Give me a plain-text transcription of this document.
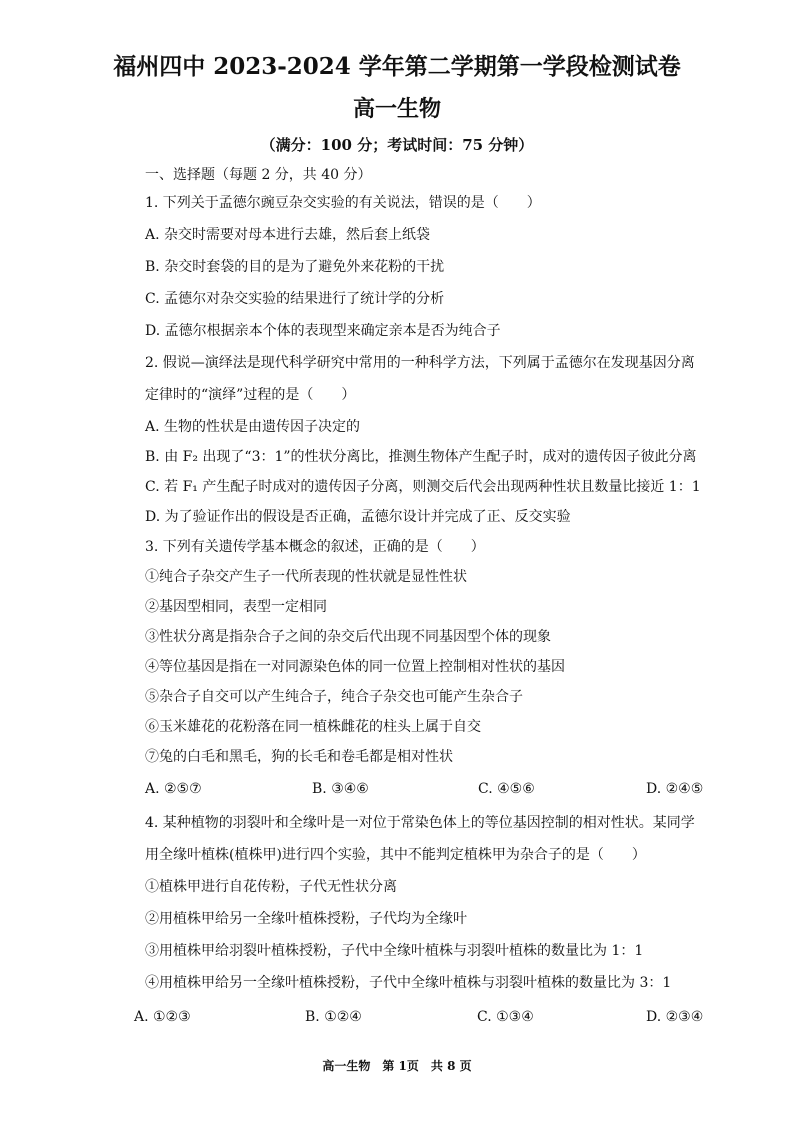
福州四中 2023-2024 学年第二学期第一学段检测试卷
高一生物
（满分：100 分；考试时间：75 分钟）
一、选择题（每题 2 分，共 40 分）
1. 下列关于孟德尔豌豆杂交实验的有关说法，错误的是（　　）
A. 杂交时需要对母本进行去雄，然后套上纸袋
B. 杂交时套袋的目的是为了避免外来花粉的干扰
C. 孟德尔对杂交实验的结果进行了统计学的分析
D. 孟德尔根据亲本个体的表现型来确定亲本是否为纯合子
2. 假说—演绎法是现代科学研究中常用的一种科学方法，下列属于孟德尔在发现基因分离
定律时的“演绎”过程的是（　　）
A. 生物的性状是由遗传因子决定的
B. 由 F₂ 出现了“3：1”的性状分离比，推测生物体产生配子时，成对的遗传因子彼此分离
C. 若 F₁ 产生配子时成对的遗传因子分离，则测交后代会出现两种性状且数量比接近 1：1
D. 为了验证作出的假设是否正确，孟德尔设计并完成了正、反交实验
3. 下列有关遗传学基本概念的叙述，正确的是（　　）
①纯合子杂交产生子一代所表现的性状就是显性性状
②基因型相同，表型一定相同
③性状分离是指杂合子之间的杂交后代出现不同基因型个体的现象
④等位基因是指在一对同源染色体的同一位置上控制相对性状的基因
⑤杂合子自交可以产生纯合子，纯合子杂交也可能产生杂合子
⑥玉米雄花的花粉落在同一植株雌花的柱头上属于自交
⑦兔的白毛和黑毛，狗的长毛和卷毛都是相对性状
A. ②⑤⑦	B. ③④⑥	C. ④⑤⑥	D. ②④⑤
4. 某种植物的羽裂叶和全缘叶是一对位于常染色体上的等位基因控制的相对性状。某同学
用全缘叶植株(植株甲)进行四个实验，其中不能判定植株甲为杂合子的是（　　）
①植株甲进行自花传粉，子代无性状分离
②用植株甲给另一全缘叶植株授粉，子代均为全缘叶
③用植株甲给羽裂叶植株授粉，子代中全缘叶植株与羽裂叶植株的数量比为 1：1
④用植株甲给另一全缘叶植株授粉，子代中全缘叶植株与羽裂叶植株的数量比为 3：1
A. ①②③	B. ①②④	C. ①③④	D. ②③④
高一生物　第 1页　共 8 页
